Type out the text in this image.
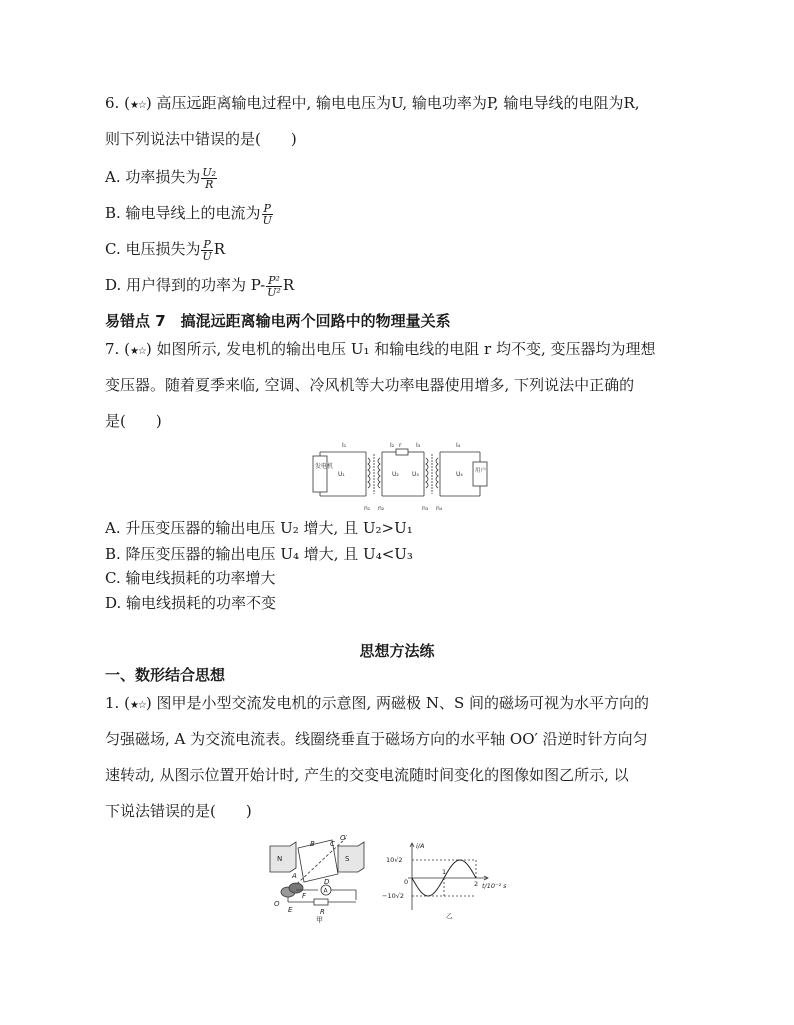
6. (★☆) 高压远距离输电过程中, 输电电压为U, 输电功率为P, 输电导线的电阻为R,
则下列说法中错误的是(　　)
A. 功率损失为 $\frac{\text{U₂}}{R}$
B. 输电导线上的电流为 $\frac{P}{U}$
C. 电压损失为 $\frac{P}{U}$ R
D. 用户得到的功率为 $P- \frac{\text{P²}}{\text{U²}}$ R
易错点 7　搞混远距离输电两个回路中的物理量关系
7. (★☆) 如图所示, 发电机的输出电压 U₁ 和输电线的电阻 r 均不变, 变压器均为理想
变压器。随着夏季来临, 空调、冷风机等大功率电器使用增多, 下列说法中正确的
是(　　)
发电机
用户
I₁	I₂	I₃	I₄
r
U₁	U₂ U₃	U₄
n₁ n₂	n₃ n₄
A. 升压变压器的输出电压 U₂ 增大, 且 U₂>U₁
B. 降压变压器的输出电压 U₄ 增大, 且 U₄<U₃
C. 输电线损耗的功率增大
D. 输电线损耗的功率不变
思想方法练
一、数形结合思想
1. (★☆) 图甲是小型交流发电机的示意图, 两磁极 N、S 间的磁场可视为水平方向的
匀强磁场, A 为交流电流表。线圈绕垂直于磁场方向的水平轴 OO′ 沿逆时针方向匀
速转动, 从图示位置开始计时, 产生的交变电流随时间变化的图像如图乙所示, 以
下说法错误的是(　　)
N	S
O′
O
B C
A
D
E
F
R
A
甲
i/A
10√2
−10√2
0
1
2 t/10⁻² s
乙
